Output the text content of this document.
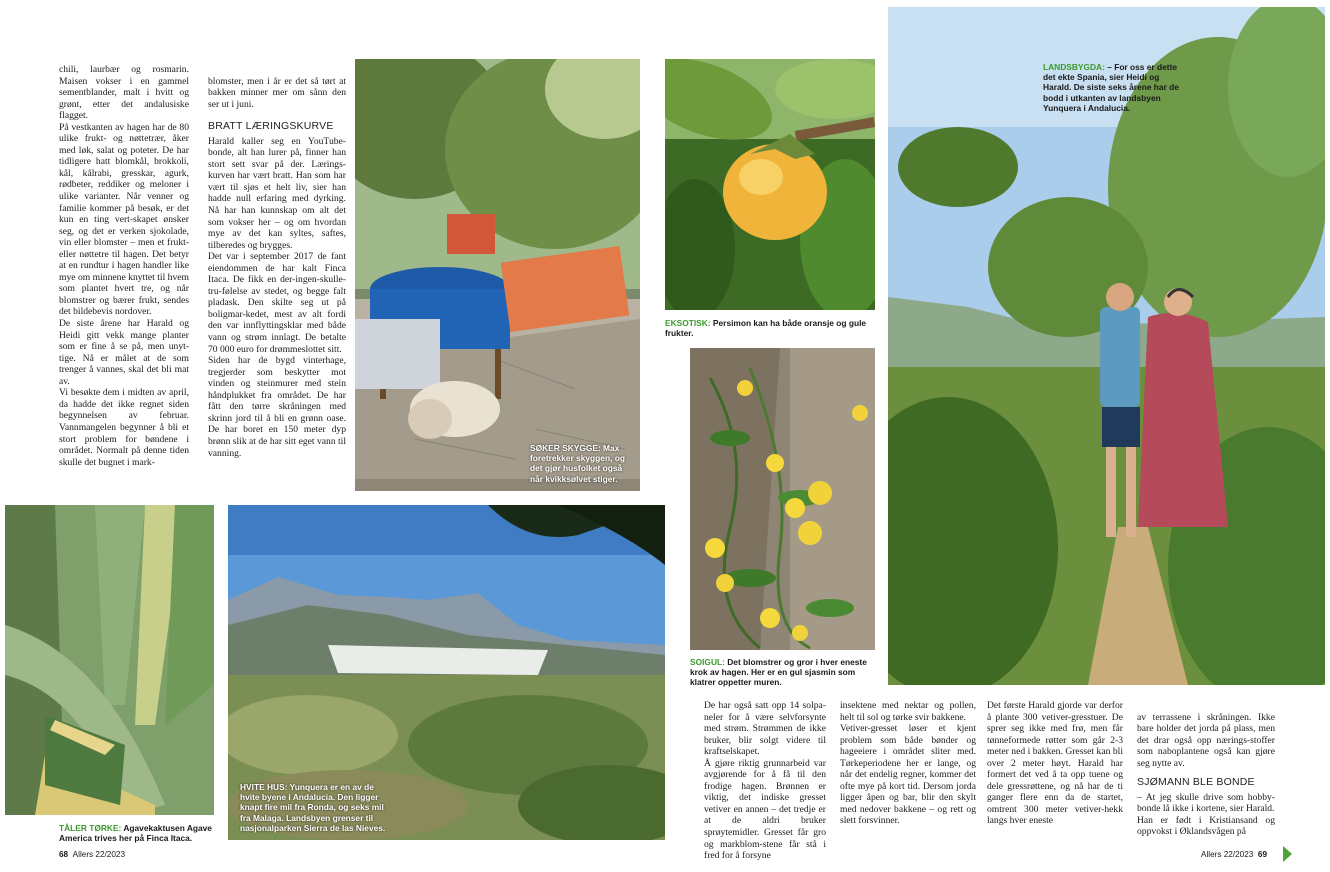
chili, laurbær og rosmarin. Maisen vokser i en gammel sementblander, malt i hvitt og grønt, etter det andalusiske flagget.
På vestkanten av hagen har de 80 ulike frukt- og nøttetrær, åker med løk, salat og poteter. De har tidligere hatt blomkål, brokkoli, kål, kålrabi, gresskar, agurk, rødbeter, reddiker og meloner i ulike varianter. Når venner og familie kommer på besøk, er det kun en ting vert-skapet ønsker seg, og det er verken sjokolade, vin eller blomster – men et frukt- eller nøttetre til hagen. Det betyr at en rundtur i hagen handler like mye om minnene knyttet til hvem som plantet hvert tre, og når blomstrer og bærer frukt, sendes det bildebevis nordover.
De siste årene har Harald og Heidi gitt vekk mange planter som er fine å se på, men unyt-tige. Nå er målet at de som trenger å vannes, skal det bli mat av.
Vi besøkte dem i midten av april, da hadde det ikke regnet siden begynnelsen av februar. Vannmangelen begynner å bli et stort problem for bøndene i området. Normalt på denne tiden skulle det bugnet i mark-

blomster, men i år er det så tørt at bakken minner mer om sånn den ser ut i juni.

BRATT LÆRINGSKURVE
Harald kaller seg en YouTube-bonde, alt han lurer på, finner han stort sett svar på der. Lærings-kurven har vært bratt. Han som har vært til sjøs et helt liv, sier han hadde null erfaring med dyrking. Nå har han kunnskap om alt det som vokser her – og om hvordan mye av det kan syltes, saftes, tilberedes og brygges.
Det var i september 2017 de fant eiendommen de har kalt Finca Itaca. De fikk en der-ingen-skulle-tru-følelse av stedet, og begge falt pladask. Den skilte seg ut på boligmar-kedet, mest av alt fordi den var innflyttingsklar med både vann og strøm innlagt. De betalte 70 000 euro for drømmeslottet sitt.
Siden har de bygd vinterhage, tregjerder som beskytter mot vinden og steinmurer med stein håndplukket fra området. De har fått den tørre skråningen med skrinn jord til å bli en grønn oase. De har boret en 150 meter dyp brønn slik at de har sitt eget vann til vanning.

De har også satt opp 14 solpa-neler for å være selvforsynte med strøm. Strømmen de ikke bruker, blir solgt videre til kraftselskapet.
Å gjøre riktig grunnarbeid var avgjørende for å få til den frodige hagen. Brønnen er viktig, det indiske gresset vetiver en annen – det tredje er at de aldri bruker sprøytemidler. Gresset får gro og markblom-stene får stå i fred for å forsyne
insektene med nektar og pollen, helt til sol og tørke svir bakkene.
Vetiver-gresset løser et kjent problem som både bønder og hageeiere i området sliter med. Tørkeperiodene her er lange, og når det endelig regner, kommer det ofte mye på kort tid. Dersom jorda ligger åpen og bar, blir den skylt med nedover bakkene – og rett og slett forsvinner.
Det første Harald gjorde var derfor å plante 300 vetiver-gresstuer. De sprer seg ikke med frø, men får tønneformede røtter som går 2-3 meter ned i bakken. Gresset kan bli over 2 meter høyt. Harald har formert det ved å ta opp tuene og dele gressrøttene, og nå har de ti ganger flere enn da de startet, omtrent 300 meter vetiver-hekk langs hver eneste

av terrassene i skråningen. Ikke bare holder det jorda på plass, men det drar også opp nærings-stoffer som naboplantene også kan gjøre seg nytte av.

SJØMANN BLE BONDE
– At jeg skulle drive som hobby-bonde lå ikke i kortene, sier Harald.
Han er født i Kristiansand og oppvokst i Øklandsvågen på

SØKER SKYGGE: Max foretrekker skyggen, og det gjør husfolket også når kvikksølvet stiger.
EKSOTISK: Persimon kan ha både oransje og gule frukter.
SOIGUL: Det blomstrer og gror i hver eneste krok av hagen. Her er en gul sjasmin som klatrer oppetter muren.
LANDSBYGDA: – For oss er dette det ekte Spania, sier Heidi og Harald. De siste seks årene har de bodd i utkanten av landsbyen Yunquera i Andalucia.
TÅLER TØRKE: Agavekaktusen Agave America trives her på Finca Itaca.
HVITE HUS: Yunquera er en av de hvite byene i Andalucia. Den ligger knapt fire mil fra Ronda, og seks mil fra Malaga. Landsbyen grenser til nasjonalparken Sierra de las Nieves.
68 Allers 22/2023	Allers 22/2023 69
